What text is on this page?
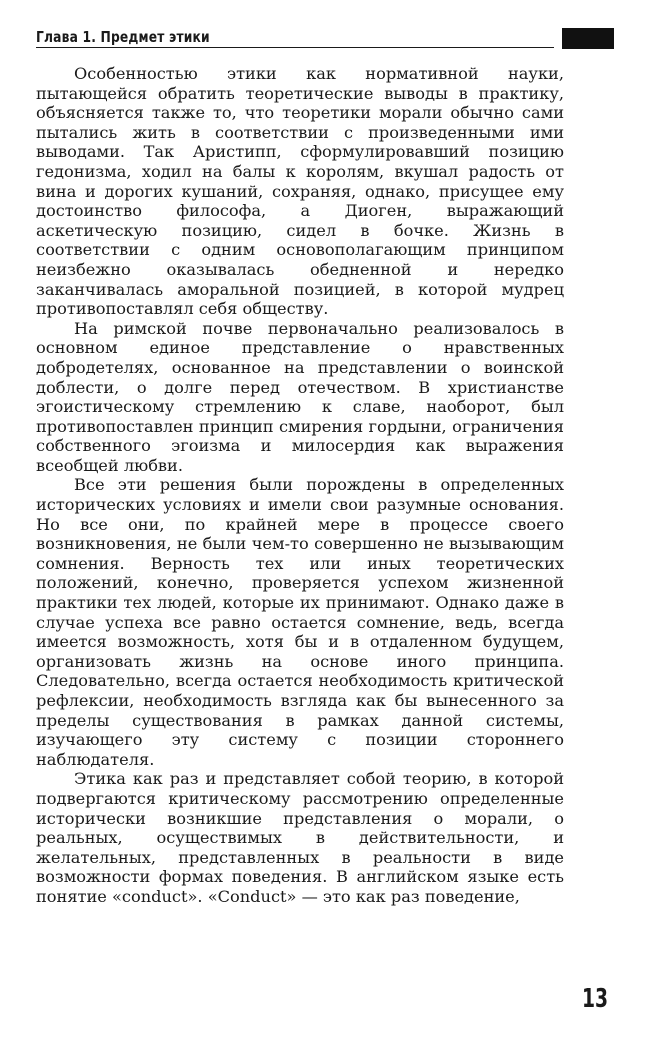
Глава 1. Предмет этики

Особенностью этики как нормативной науки, пытающейся обратить теоретические выводы в практику, объясняется также то, что теоретики морали обычно сами пытались жить в соответствии с произведенными ими выводами. Так Аристипп, сформулировавший позицию гедонизма, ходил на балы к королям, вкушал радость от вина и дорогих кушаний, сохраняя, однако, присущее ему достоинство философа, а Диоген, выражающий аскетическую позицию, сидел в бочке. Жизнь в соответствии с одним основополагающим принципом неизбежно оказывалась обедненной и нередко заканчивалась аморальной позицией, в которой мудрец противопоставлял себя обществу.

На римской почве первоначально реализовалось в основном единое представление о нравственных добродетелях, основанное на представлении о воинской доблести, о долге перед отечеством. В христианстве эгоистическому стремлению к славе, наоборот, был противопоставлен принцип смирения гордыни, ограничения собственного эгоизма и милосердия как выражения всеобщей любви.

Все эти решения были порождены в определенных исторических условиях и имели свои разумные основания. Но все они, по крайней мере в процессе своего возникновения, не были чем-то совершенно не вызывающим сомнения. Верность тех или иных теоретических положений, конечно, проверяется успехом жизненной практики тех людей, которые их принимают. Однако даже в случае успеха все равно остается сомнение, ведь, всегда имеется возможность, хотя бы и в отдаленном будущем, организовать жизнь на основе иного принципа. Следовательно, всегда остается необходимость критической рефлексии, необходимость взгляда как бы вынесенного за пределы существования в рамках данной системы, изучающего эту систему с позиции стороннего наблюдателя.

Этика как раз и представляет собой теорию, в которой подвергаются критическому рассмотрению определенные исторически возникшие представления о морали, о реальных, осуществимых в действительности, и желательных, представленных в реальности в виде возможности формах поведения. В английском языке есть понятие «conduct». «Conduct» — это как раз поведение,

13
